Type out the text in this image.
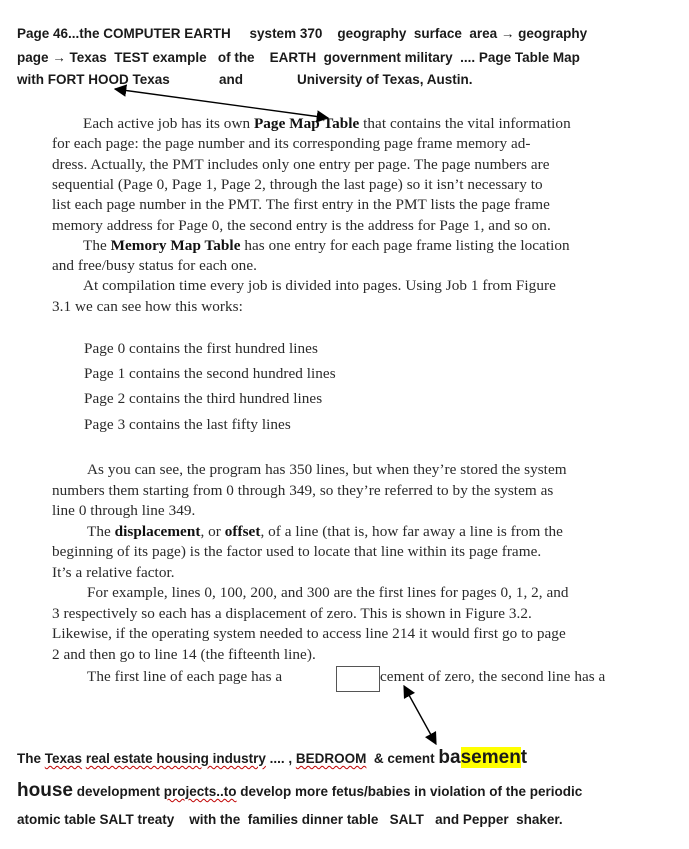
Page 46...the COMPUTER EARTH     system 370    geography  surface  area → geography
page → Texas  TEST example   of the    EARTH  government military  .... Page Table Map
with FORT HOOD Texas	and	University of Texas, Austin.
Each active job has its own Page Map Table that contains the vital information
for each page: the page number and its corresponding page frame memory ad-
dress. Actually, the PMT includes only one entry per page. The page numbers are
sequential (Page 0, Page 1, Page 2, through the last page) so it isn’t necessary to
list each page number in the PMT. The first entry in the PMT lists the page frame
memory address for Page 0, the second entry is the address for Page 1, and so on.
The Memory Map Table has one entry for each page frame listing the location
and free/busy status for each one.
At compilation time every job is divided into pages. Using Job 1 from Figure
3.1 we can see how this works:
Page 0 contains the first hundred lines
Page 1 contains the second hundred lines
Page 2 contains the third hundred lines
Page 3 contains the last fifty lines
As you can see, the program has 350 lines, but when they’re stored the system
numbers them starting from 0 through 349, so they’re referred to by the system as
line 0 through line 349.
The displacement, or offset, of a line (that is, how far away a line is from the
beginning of its page) is the factor used to locate that line within its page frame.
It’s a relative factor.
For example, lines 0, 100, 200, and 300 are the first lines for pages 0, 1, 2, and
3 respectively so each has a displacement of zero. This is shown in Figure 3.2.
Likewise, if the operating system needed to access line 214 it would first go to page
2 and then go to line 14 (the fifteenth line).
The first line of each page has a	cement of zero, the second line has a
The Texas real estate housing industry .... , BEDROOM  & cement basement
house development projects..to develop more fetus/babies in violation of the periodic
atomic table SALT treaty    with the  families dinner table   SALT   and Pepper  shaker.
